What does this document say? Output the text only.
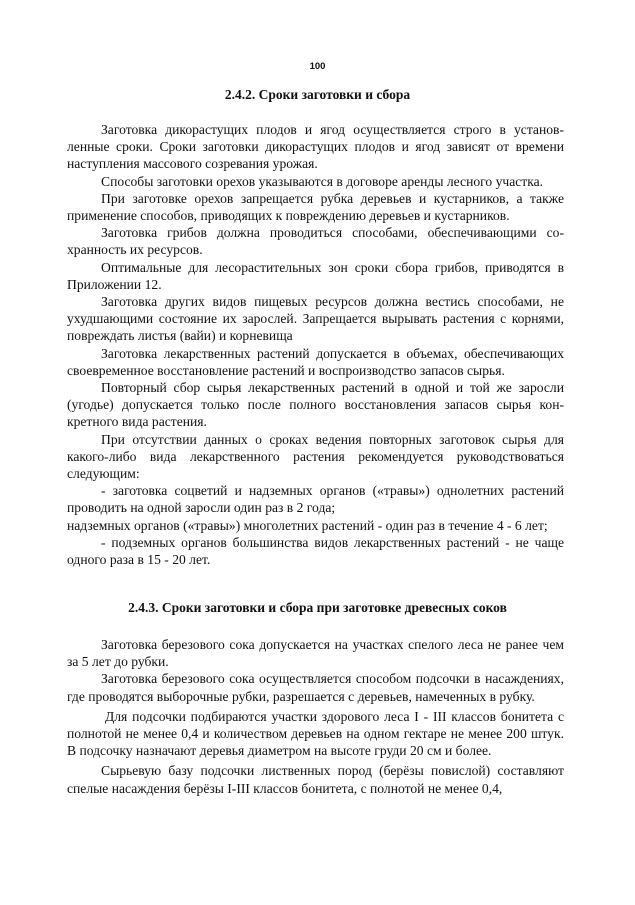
100
2.4.2. Сроки заготовки и сбора

Заготовка дикорастущих плодов и ягод осуществляется строго в установленные сроки. Сроки заготовки дикорастущих плодов и ягод зависят от времени наступления массового созревания урожая.

Способы заготовки орехов указываются в договоре аренды лесного участка.

При заготовке орехов запрещается рубка деревьев и кустарников, а также применение способов, приводящих к повреждению деревьев и кустарников.

Заготовка грибов должна проводиться способами, обеспечивающими сохранность их ресурсов.

Оптимальные для лесорастительных зон сроки сбора грибов, приводятся в Приложении 12.

Заготовка других видов пищевых ресурсов должна вестись способами, не ухудшающими состояние их зарослей. Запрещается вырывать растения с корнями, повреждать листья (вайи) и корневища

Заготовка лекарственных растений допускается в объемах, обеспечивающих своевременное восстановление растений и воспроизводство запасов сырья.

Повторный сбор сырья лекарственных растений в одной и той же заросли (угодье) допускается только после полного восстановления запасов сырья конкретного вида растения.

При отсутствии данных о сроках ведения повторных заготовок сырья для какого-либо вида лекарственного растения рекомендуется руководствоваться следующим:

- заготовка соцветий и надземных органов («травы») однолетних растений проводить на одной заросли один раз в 2 года;

надземных органов («травы») многолетних растений - один раз в течение 4 - 6 лет;

- подземных органов большинства видов лекарственных растений - не чаще одного раза в 15 - 20 лет.

2.4.3. Сроки заготовки и сбора при заготовке древесных соков

Заготовка березового сока допускается на участках спелого леса не ранее чем за 5 лет до рубки.

Заготовка березового сока осуществляется способом подсочки в насаждениях, где проводятся выборочные рубки, разрешается с деревьев, намеченных в рубку.

Для подсочки подбираются участки здорового леса I - III классов бонитета с полнотой не менее 0,4 и количеством деревьев на одном гектаре не менее 200 штук. В подсочку назначают деревья диаметром на высоте груди 20 см и более.

Сырьевую базу подсочки лиственных пород (берёзы повислой) составляют спелые насаждения берёзы I-III классов бонитета, с полнотой не менее 0,4,
